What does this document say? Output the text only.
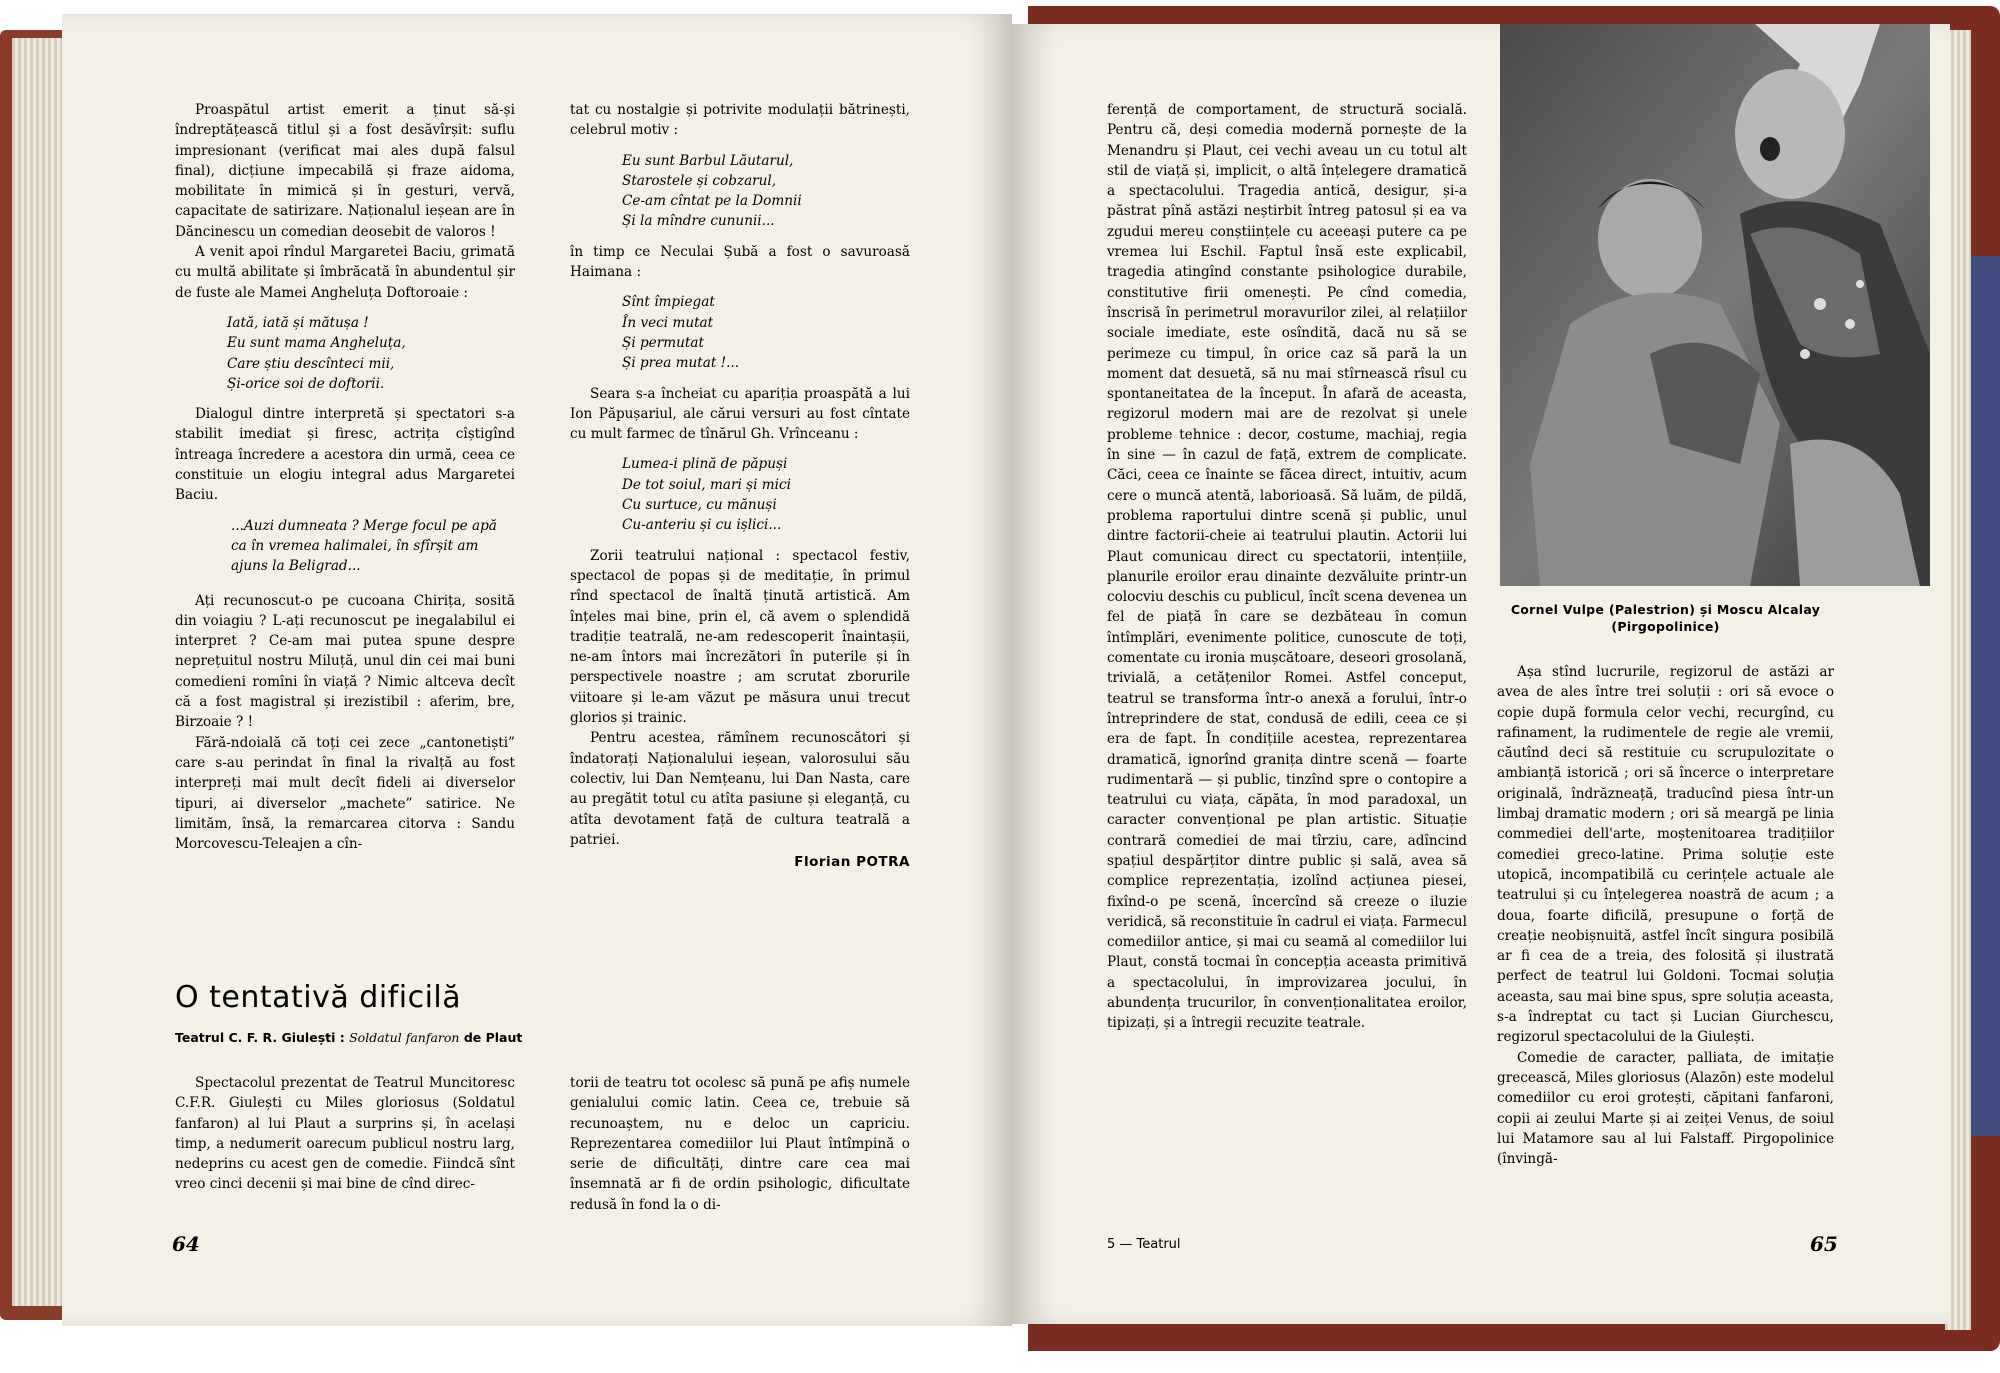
Proaspătul artist emerit a ținut să-și îndreptățească titlul și a fost desăvîrșit: suflu impresionant (verificat mai ales după falsul final), dicțiune impecabilă și fraze aidoma, mobilitate în mimică și în gesturi, vervă, capacitate de satirizare. Naționalul ieșean are în Dăncinescu un comedian deosebit de valoros !

A venit apoi rîndul Margaretei Baciu, grimată cu multă abilitate și îmbrăcată în abundentul șir de fuste ale Mamei Angheluța Doftoroaie :

Iată, iată și mătușa !
Eu sunt mama Angheluța,
Care știu descînteci mii,
Și-orice soi de doftorii.

Dialogul dintre interpretă și spectatori s-a stabilit imediat și firesc, actrița cîștigînd întreaga încredere a acestora din urmă, ceea ce constituie un elogiu integral adus Margaretei Baciu.

...Auzi dumneata ? Merge focul pe apă ca în vremea halimalei, în sfîrșit am ajuns la Beligrad...

Ați recunoscut-o pe cucoana Chirița, sosită din voiagiu ? L-ați recunoscut pe inegalabilul ei interpret ? Ce-am mai putea spune despre neprețuitul nostru Miluță, unul din cei mai buni comedieni romîni în viață ? Nimic altceva decît că a fost magistral și irezistibil : aferim, bre, Birzoaie ? !

Fără-ndoială că toți cei zece „cantonetiști” care s-au perindat în final la rivalță au fost interpreți mai mult decît fideli ai diverselor tipuri, ai diverselor „machete” satirice. Ne limităm, însă, la remarcarea citorva : Sandu Morcovescu-Teleajen a cîn-

tat cu nostalgie și potrivite modulații bătrinești, celebrul motiv :

Eu sunt Barbul Lăutarul,
Starostele și cobzarul,
Ce-am cîntat pe la Domnii
Și la mîndre cununii...

în timp ce Neculai Șubă a fost o savuroasă Haimana :

Sînt împiegat
În veci mutat
Și permutat
Și prea mutat !...

Seara s-a încheiat cu apariția proaspătă a lui Ion Păpușariul, ale cărui versuri au fost cîntate cu mult farmec de tînărul Gh. Vrînceanu :

Lumea-i plină de păpuși
De tot soiul, mari și mici
Cu surtuce, cu mănuși
Cu-anteriu și cu ișlici...

Zorii teatrului național : spectacol festiv, spectacol de popas și de meditație, în primul rînd spectacol de înaltă ținută artistică. Am înțeles mai bine, prin el, că avem o splendidă tradiție teatrală, ne-am redescoperit înaintașii, ne-am întors mai încrezători în puterile și în perspectivele noastre ; am scrutat zborurile viitoare și le-am văzut pe măsura unui trecut glorios și trainic.

Pentru acestea, rămînem recunoscători și îndatorați Naționalului ieșean, valorosului său colectiv, lui Dan Nemțeanu, lui Dan Nasta, care au pregătit totul cu atîta pasiune și eleganță, cu atîta devotament față de cultura teatrală a patriei.

Florian POTRA
O tentativă dificilă
Teatrul C. F. R. Giulești : Soldatul fanfaron de Plaut

Spectacolul prezentat de Teatrul Muncitoresc C.F.R. Giulești cu Miles gloriosus (Soldatul fanfaron) al lui Plaut a surprins și, în același timp, a nedumerit oarecum publicul nostru larg, nedeprins cu acest gen de comedie. Fiindcă sînt vreo cinci decenii și mai bine de cînd direc-

torii de teatru tot ocolesc să pună pe afiș numele genialului comic latin. Ceea ce, trebuie să recunoaștem, nu e deloc un capriciu. Reprezentarea comediilor lui Plaut întîmpină o serie de dificultăți, dintre care cea mai însemnată ar fi de ordin psihologic, dificultate redusă în fond la o di-

64

ferență de comportament, de structură socială. Pentru că, deși comedia modernă pornește de la Menandru și Plaut, cei vechi aveau un cu totul alt stil de viață și, implicit, o altă înțelegere dramatică a spectacolului. Tragedia antică, desigur, și-a păstrat pînă astăzi neștirbit întreg patosul și ea va zgudui mereu conștiințele cu aceeași putere ca pe vremea lui Eschil. Faptul însă este explicabil, tragedia atingînd constante psihologice durabile, constitutive firii omenești. Pe cînd comedia, înscrisă în perimetrul moravurilor zilei, al relațiilor sociale imediate, este osîndită, dacă nu să se perimeze cu timpul, în orice caz să pară la un moment dat desuetă, să nu mai stîrnească rîsul cu spontaneitatea de la început. În afară de aceasta, regizorul modern mai are de rezolvat și unele probleme tehnice : decor, costume, machiaj, regia în sine — în cazul de față, extrem de complicate. Căci, ceea ce înainte se făcea direct, intuitiv, acum cere o muncă atentă, laborioasă. Să luăm, de pildă, problema raportului dintre scenă și public, unul dintre factorii-cheie ai teatrului plautin. Actorii lui Plaut comunicau direct cu spectatorii, intențiile, planurile eroilor erau dinainte dezvăluite printr-un colocviu deschis cu publicul, încît scena devenea un fel de piață în care se dezbăteau în comun întîmplări, evenimente politice, cunoscute de toți, comentate cu ironia mușcătoare, deseori grosolană, trivială, a cetățenilor Romei. Astfel conceput, teatrul se transforma într-o anexă a forului, într-o întreprindere de stat, condusă de edili, ceea ce și era de fapt. În condițiile acestea, reprezentarea dramatică, ignorînd granița dintre scenă — foarte rudimentară — și public, tinzînd spre o contopire a teatrului cu viața, căpăta, în mod paradoxal, un caracter convențional pe plan artistic. Situație contrară comediei de mai tîrziu, care, adîncind spațiul despărțitor dintre public și sală, avea să complice reprezentația, izolînd acțiunea piesei, fixînd-o pe scenă, încercînd să creeze o iluzie veridică, să reconstituie în cadrul ei viața. Farmecul comediilor antice, și mai cu seamă al comediilor lui Plaut, constă tocmai în concepția aceasta primitivă a spectacolului, în improvizarea jocului, în abundența trucurilor, în convenționalitatea eroilor, tipizați, și a întregii recuzite teatrale.

Cornel Vulpe (Palestrion) și Moscu Alcalay (Pirgopolinice)

Așa stînd lucrurile, regizorul de astăzi ar avea de ales între trei soluții : ori să evoce o copie după formula celor vechi, recurgînd, cu rafinament, la rudimentele de regie ale vremii, căutînd deci să restituie cu scrupulozitate o ambianță istorică ; ori să încerce o interpretare originală, îndrăzneață, traducînd piesa într-un limbaj dramatic modern ; ori să meargă pe linia commediei dell'arte, moștenitoarea tradițiilor comediei greco-latine. Prima soluție este utopică, incompatibilă cu cerințele actuale ale teatrului și cu înțelegerea noastră de acum ; a doua, foarte dificilă, presupune o forță de creație neobișnuită, astfel încît singura posibilă ar fi cea de a treia, des folosită și ilustrată perfect de teatrul lui Goldoni. Tocmai soluția aceasta, sau mai bine spus, spre soluția aceasta, s-a îndreptat cu tact și Lucian Giurchescu, regizorul spectacolului de la Giulești.

Comedie de caracter, palliata, de imitație grecească, Miles gloriosus (Alazōn) este modelul comediilor cu eroi grotești, căpitani fanfaroni, copii ai zeului Marte și ai zeiței Venus, de soiul lui Matamore sau al lui Falstaff. Pirgopolinice (învingă-

5 — Teatrul	65
